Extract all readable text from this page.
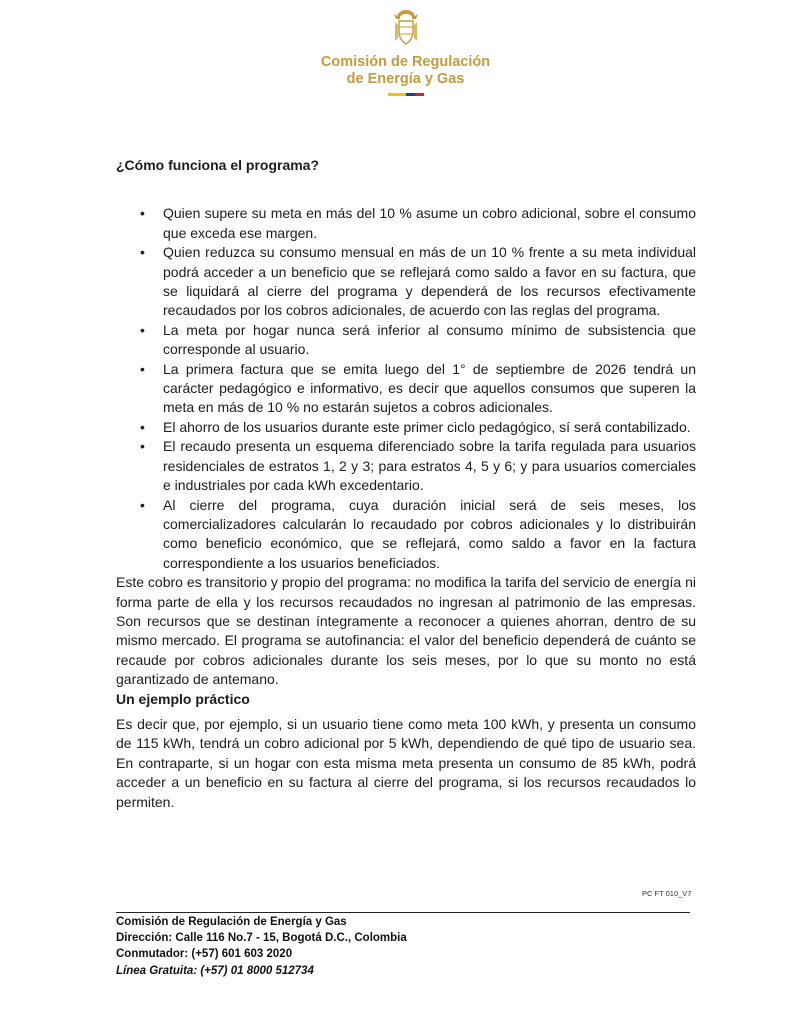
Comisión de Regulación
de Energía y Gas
¿Cómo funciona el programa?
• Quien supere su meta en más del 10 % asume un cobro adicional, sobre el consumo que exceda ese margen.
• Quien reduzca su consumo mensual en más de un 10 % frente a su meta individual podrá acceder a un beneficio que se reflejará como saldo a favor en su factura, que se liquidará al cierre del programa y dependerá de los recursos efectivamente recaudados por los cobros adicionales, de acuerdo con las reglas del programa.
• La meta por hogar nunca será inferior al consumo mínimo de subsistencia que corresponde al usuario.
• La primera factura que se emita luego del 1° de septiembre de 2026 tendrá un carácter pedagógico e informativo, es decir que aquellos consumos que superen la meta en más de 10 % no estarán sujetos a cobros adicionales.
• El ahorro de los usuarios durante este primer ciclo pedagógico, sí será contabilizado.
• El recaudo presenta un esquema diferenciado sobre la tarifa regulada para usuarios residenciales de estratos 1, 2 y 3; para estratos 4, 5 y 6; y para usuarios comerciales e industriales por cada kWh excedentario.
• Al cierre del programa, cuya duración inicial será de seis meses, los comercializadores calcularán lo recaudado por cobros adicionales y lo distribuirán como beneficio económico, que se reflejará, como saldo a favor en la factura correspondiente a los usuarios beneficiados.

Este cobro es transitorio y propio del programa: no modifica la tarifa del servicio de energía ni forma parte de ella y los recursos recaudados no ingresan al patrimonio de las empresas. Son recursos que se destinan íntegramente a reconocer a quienes ahorran, dentro de su mismo mercado. El programa se autofinancia: el valor del beneficio dependerá de cuánto se recaude por cobros adicionales durante los seis meses, por lo que su monto no está garantizado de antemano.

Un ejemplo práctico

Es decir que, por ejemplo, si un usuario tiene como meta 100 kWh, y presenta un consumo de 115 kWh, tendrá un cobro adicional por 5 kWh, dependiendo de qué tipo de usuario sea. En contraparte, si un hogar con esta misma meta presenta un consumo de 85 kWh, podrá acceder a un beneficio en su factura al cierre del programa, si los recursos recaudados lo permiten.

PC FT 010_V7
Comisión de Regulación de Energía y Gas
Dirección: Calle 116 No.7 - 15, Bogotá D.C., Colombia
Conmutador: (+57) 601 603 2020
Línea Gratuita: (+57) 01 8000 512734
